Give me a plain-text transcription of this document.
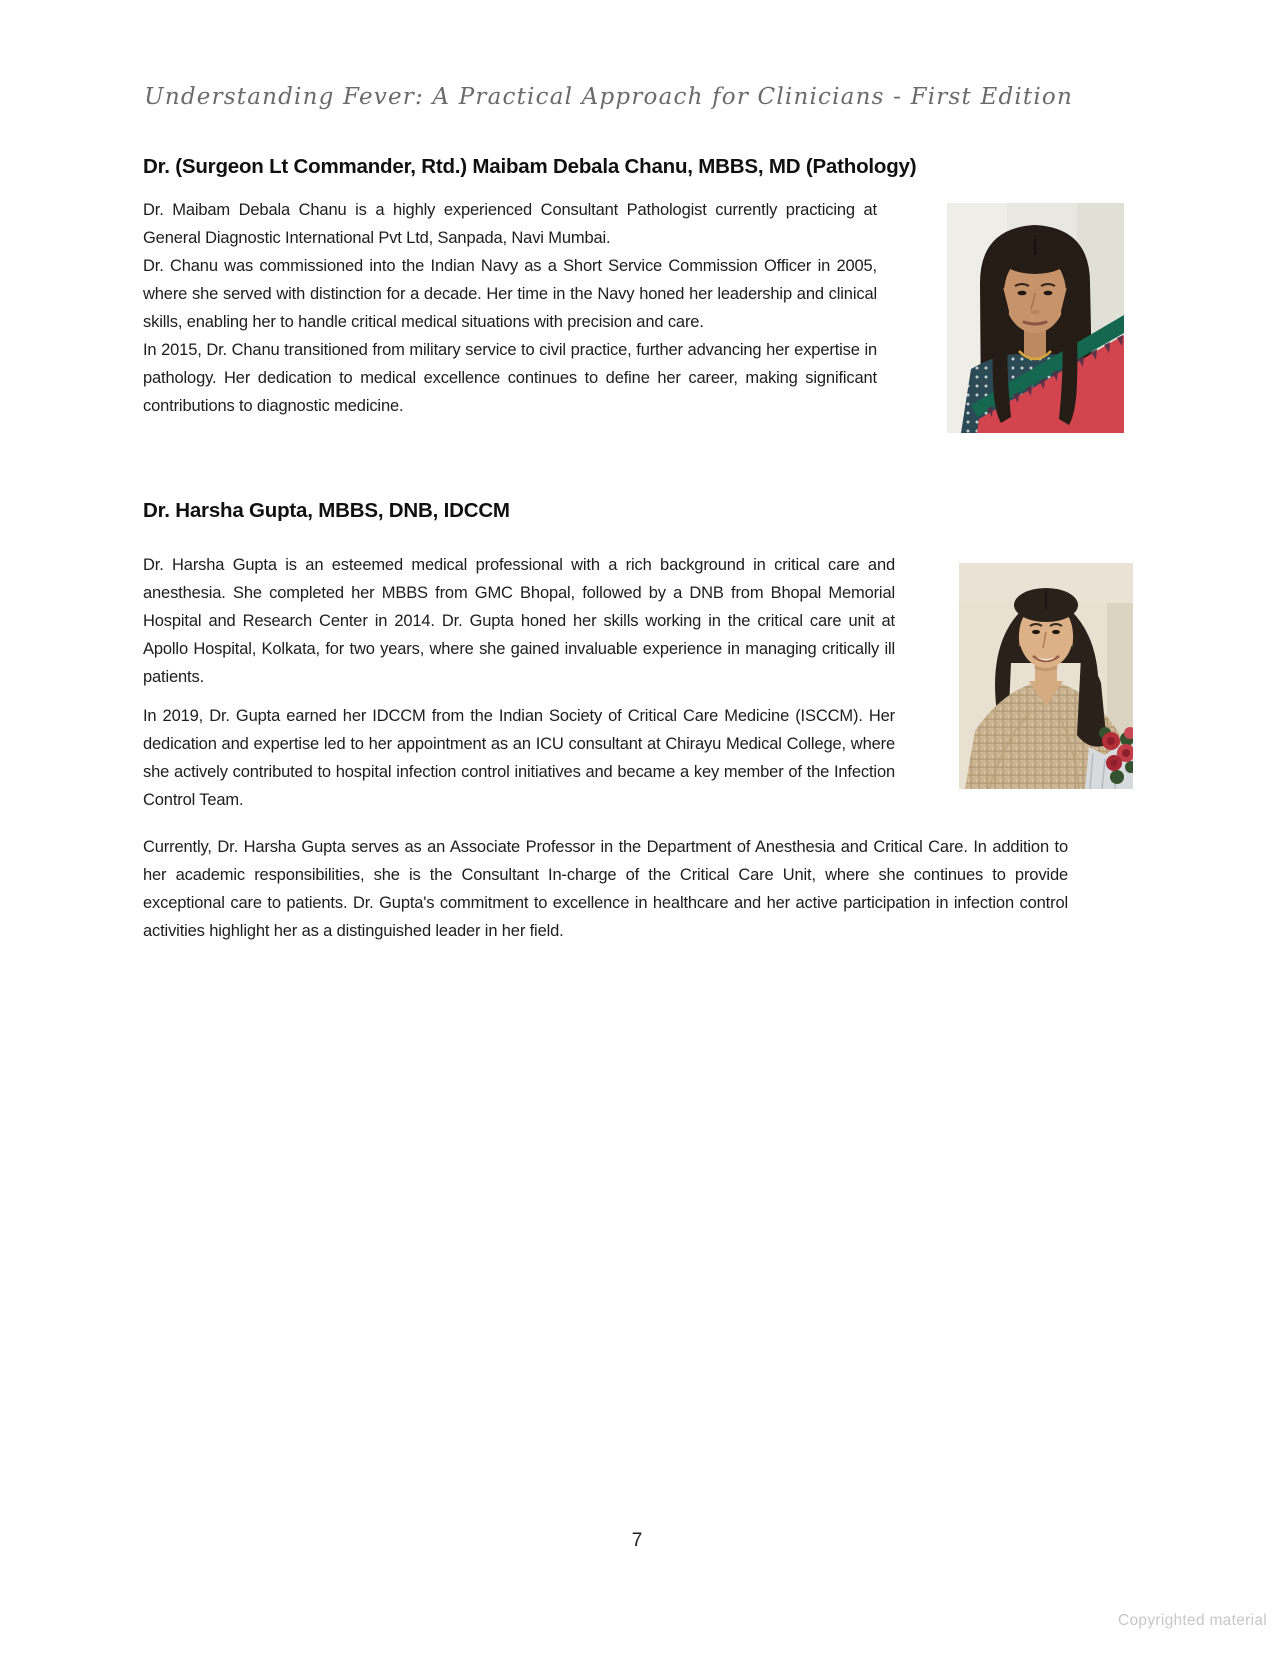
Understanding Fever: A Practical Approach for Clinicians - First Edition
Dr. (Surgeon Lt Commander, Rtd.) Maibam Debala Chanu, MBBS, MD (Pathology)

Dr. Maibam Debala Chanu is a highly experienced Consultant Pathologist currently practicing at General Diagnostic International Pvt Ltd, Sanpada, Navi Mumbai.

Dr. Chanu was commissioned into the Indian Navy as a Short Service Commission Officer in 2005, where she served with distinction for a decade. Her time in the Navy honed her leadership and clinical skills, enabling her to handle critical medical situations with precision and care.

In 2015, Dr. Chanu transitioned from military service to civil practice, further advancing her expertise in pathology. Her dedication to medical excellence continues to define her career, making significant contributions to diagnostic medicine.

Dr. Harsha Gupta, MBBS, DNB, IDCCM

Dr. Harsha Gupta is an esteemed medical professional with a rich background in critical care and anesthesia. She completed her MBBS from GMC Bhopal, followed by a DNB from Bhopal Memorial Hospital and Research Center in 2014. Dr. Gupta honed her skills working in the critical care unit at Apollo Hospital, Kolkata, for two years, where she gained invaluable experience in managing critically ill patients.

In 2019, Dr. Gupta earned her IDCCM from the Indian Society of Critical Care Medicine (ISCCM). Her dedication and expertise led to her appointment as an ICU consultant at Chirayu Medical College, where she actively contributed to hospital infection control initiatives and became a key member of the Infection Control Team.

Currently, Dr. Harsha Gupta serves as an Associate Professor in the Department of Anesthesia and Critical Care. In addition to her academic responsibilities, she is the Consultant In-charge of the Critical Care Unit, where she continues to provide exceptional care to patients. Dr. Gupta's commitment to excellence in healthcare and her active participation in infection control activities highlight her as a distinguished leader in her field.

7
Copyrighted material
